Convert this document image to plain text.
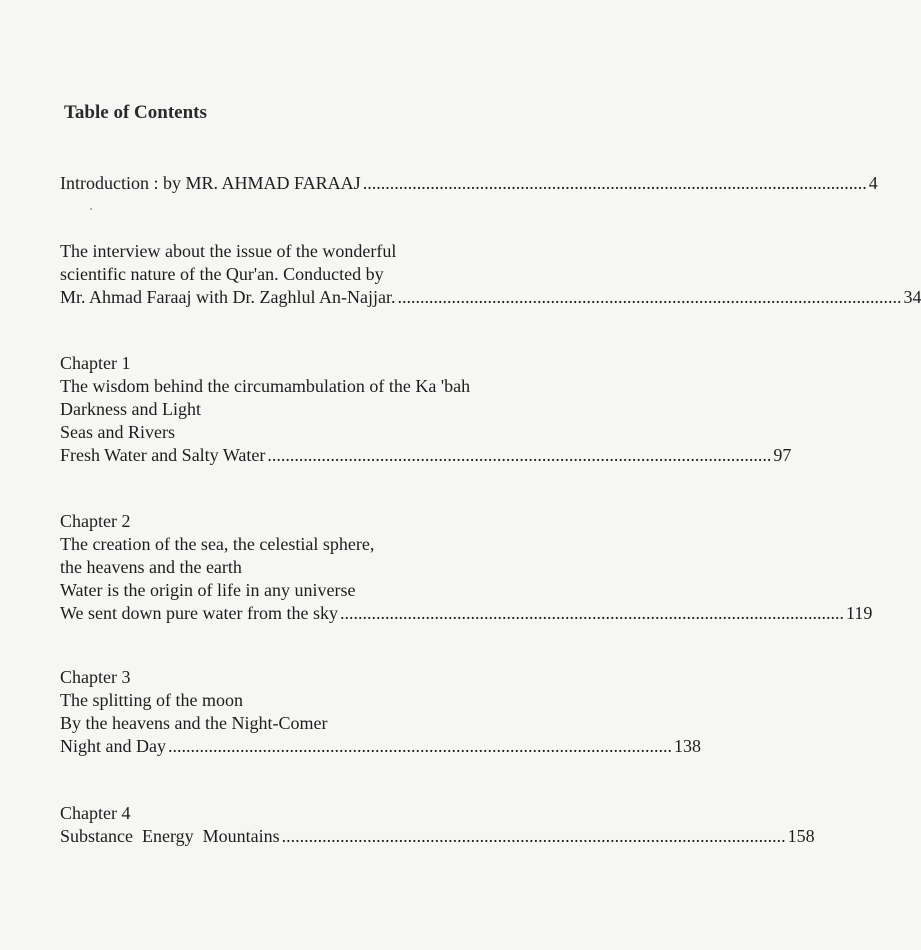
Table of Contents
Introduction : by MR. AHMAD FARAAJ ................................................................................................................ 4
The interview about the issue of the wonderful
scientific nature of the Qur'an. Conducted by
Mr. Ahmad Faraaj with Dr. Zaghlul An-Najjar. ................................................................................................................ 34
Chapter 1
The wisdom behind the circumambulation of the Ka 'bah
Darkness and Light
Seas and Rivers
Fresh Water and Salty Water ................................................................................................................ 97
Chapter 2
The creation of the sea, the celestial sphere,
the heavens and the earth
Water is the origin of life in any universe
We sent down pure water from the sky ................................................................................................................ 119
Chapter 3
The splitting of the moon
By the heavens and the Night-Comer
Night and Day ................................................................................................................ 138
Chapter 4
Substance  Energy  Mountains ................................................................................................................ 158
